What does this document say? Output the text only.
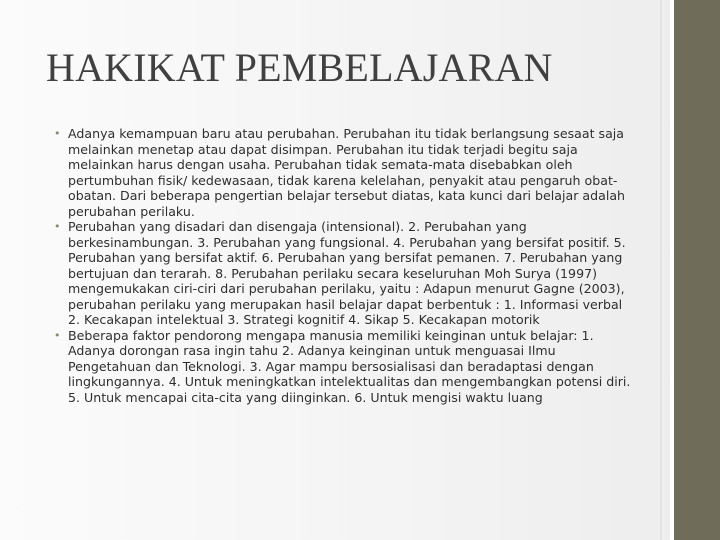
HAKIKAT PEMBELAJARAN
• Adanya kemampuan baru atau perubahan. Perubahan itu tidak berlangsung sesaat saja melainkan menetap atau dapat disimpan. Perubahan itu tidak terjadi begitu saja melainkan harus dengan usaha. Perubahan tidak semata-mata disebabkan oleh pertumbuhan fisik/ kedewasaan, tidak karena kelelahan, penyakit atau pengaruh obat-obatan. Dari beberapa pengertian belajar tersebut diatas, kata kunci dari belajar adalah perubahan perilaku.
• Perubahan yang disadari dan disengaja (intensional). 2. Perubahan yang berkesinambungan. 3. Perubahan yang fungsional. 4. Perubahan yang bersifat positif. 5. Perubahan yang bersifat aktif. 6. Perubahan yang bersifat pemanen. 7. Perubahan yang bertujuan dan terarah. 8. Perubahan perilaku secara keseluruhan Moh Surya (1997) mengemukakan ciri-ciri dari perubahan perilaku, yaitu : Adapun menurut Gagne (2003), perubahan perilaku yang merupakan hasil belajar dapat berbentuk : 1. Informasi verbal 2. Kecakapan intelektual 3. Strategi kognitif 4. Sikap 5. Kecakapan motorik
• Beberapa faktor pendorong mengapa manusia memiliki keinginan untuk belajar: 1. Adanya dorongan rasa ingin tahu 2. Adanya keinginan untuk menguasai Ilmu Pengetahuan dan Teknologi. 3. Agar mampu bersosialisasi dan beradaptasi dengan lingkungannya. 4. Untuk meningkatkan intelektualitas dan mengembangkan potensi diri. 5. Untuk mencapai cita-cita yang diinginkan. 6. Untuk mengisi waktu luang
